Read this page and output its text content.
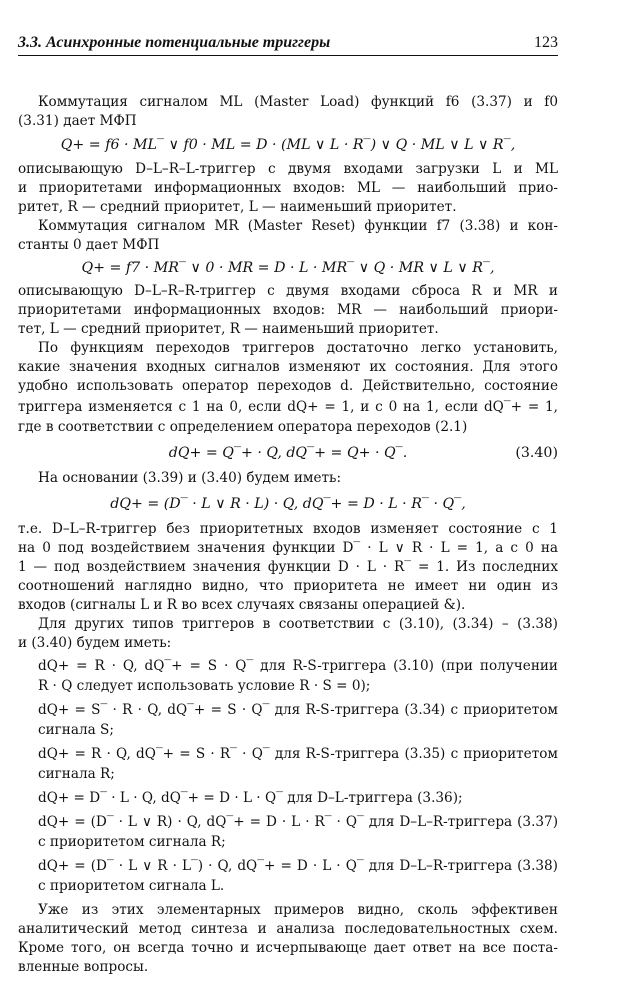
3.3. Асинхронные потенциальные триггеры	123
Коммутация сигналом ML (Master Load) функций f6 (3.37) и f0
(3.31) дает МФП
Q+ = f6 · ML‾ ∨ f0 · ML = D · (ML ∨ L · R‾) ∨ Q · ML ∨ L ∨ R‾,
описывающую D–L–R–L-триггер с двумя входами загрузки L и ML
и приоритетами информационных входов: ML — наибольший прио-
ритет, R — средний приоритет, L — наименьший приоритет.
Коммутация сигналом MR (Master Reset) функции f7 (3.38) и кон-
станты 0 дает МФП
Q+ = f7 · MR‾ ∨ 0 · MR = D · L · MR‾ ∨ Q · MR ∨ L ∨ R‾,
описывающую D–L–R–R-триггер с двумя входами сброса R и MR и
приоритетами информационных входов: MR — наибольший приори-
тет, L — средний приоритет, R — наименьший приоритет.
По функциям переходов триггеров достаточно легко установить,
какие значения входных сигналов изменяют их состояния. Для этого
удобно использовать оператор переходов d. Действительно, состояние
триггера изменяется с 1 на 0, если dQ+ = 1, и с 0 на 1, если dQ‾+ = 1,
где в соответствии с определением оператора переходов (2.1)
dQ+ = Q‾+ · Q, dQ‾+ = Q+ · Q‾.	(3.40)
На основании (3.39) и (3.40) будем иметь:
dQ+ = (D‾ · L ∨ R · L) · Q, dQ‾+ = D · L · R‾ · Q‾,
т.е. D–L–R-триггер без приоритетных входов изменяет состояние с 1
на 0 под воздействием значения функции D‾ · L ∨ R · L = 1, а с 0 на
1 — под воздействием значения функции D · L · R‾ = 1. Из последних
соотношений наглядно видно, что приоритета не имеет ни один из
входов (сигналы L и R во всех случаях связаны операцией &).
Для других типов триггеров в соответствии с (3.10), (3.34) – (3.38)
и (3.40) будем иметь:
dQ+ = R · Q, dQ‾+ = S · Q‾ для R-S-триггера (3.10) (при получении
R · Q следует использовать условие R · S = 0);
dQ+ = S‾ · R · Q, dQ‾+ = S · Q‾ для R-S-триггера (3.34) с приоритетом
сигнала S;
dQ+ = R · Q, dQ‾+ = S · R‾ · Q‾ для R-S-триггера (3.35) с приоритетом
сигнала R;
dQ+ = D‾ · L · Q, dQ‾+ = D · L · Q‾ для D–L-триггера (3.36);
dQ+ = (D‾ · L ∨ R) · Q, dQ‾+ = D · L · R‾ · Q‾ для D–L–R-триггера (3.37)
с приоритетом сигнала R;
dQ+ = (D‾ · L ∨ R · L‾) · Q, dQ‾+ = D · L · Q‾ для D–L–R-триггера (3.38)
с приоритетом сигнала L.
Уже из этих элементарных примеров видно, сколь эффективен
аналитический метод синтеза и анализа последовательностных схем.
Кроме того, он всегда точно и исчерпывающе дает ответ на все поста-
вленные вопросы.
